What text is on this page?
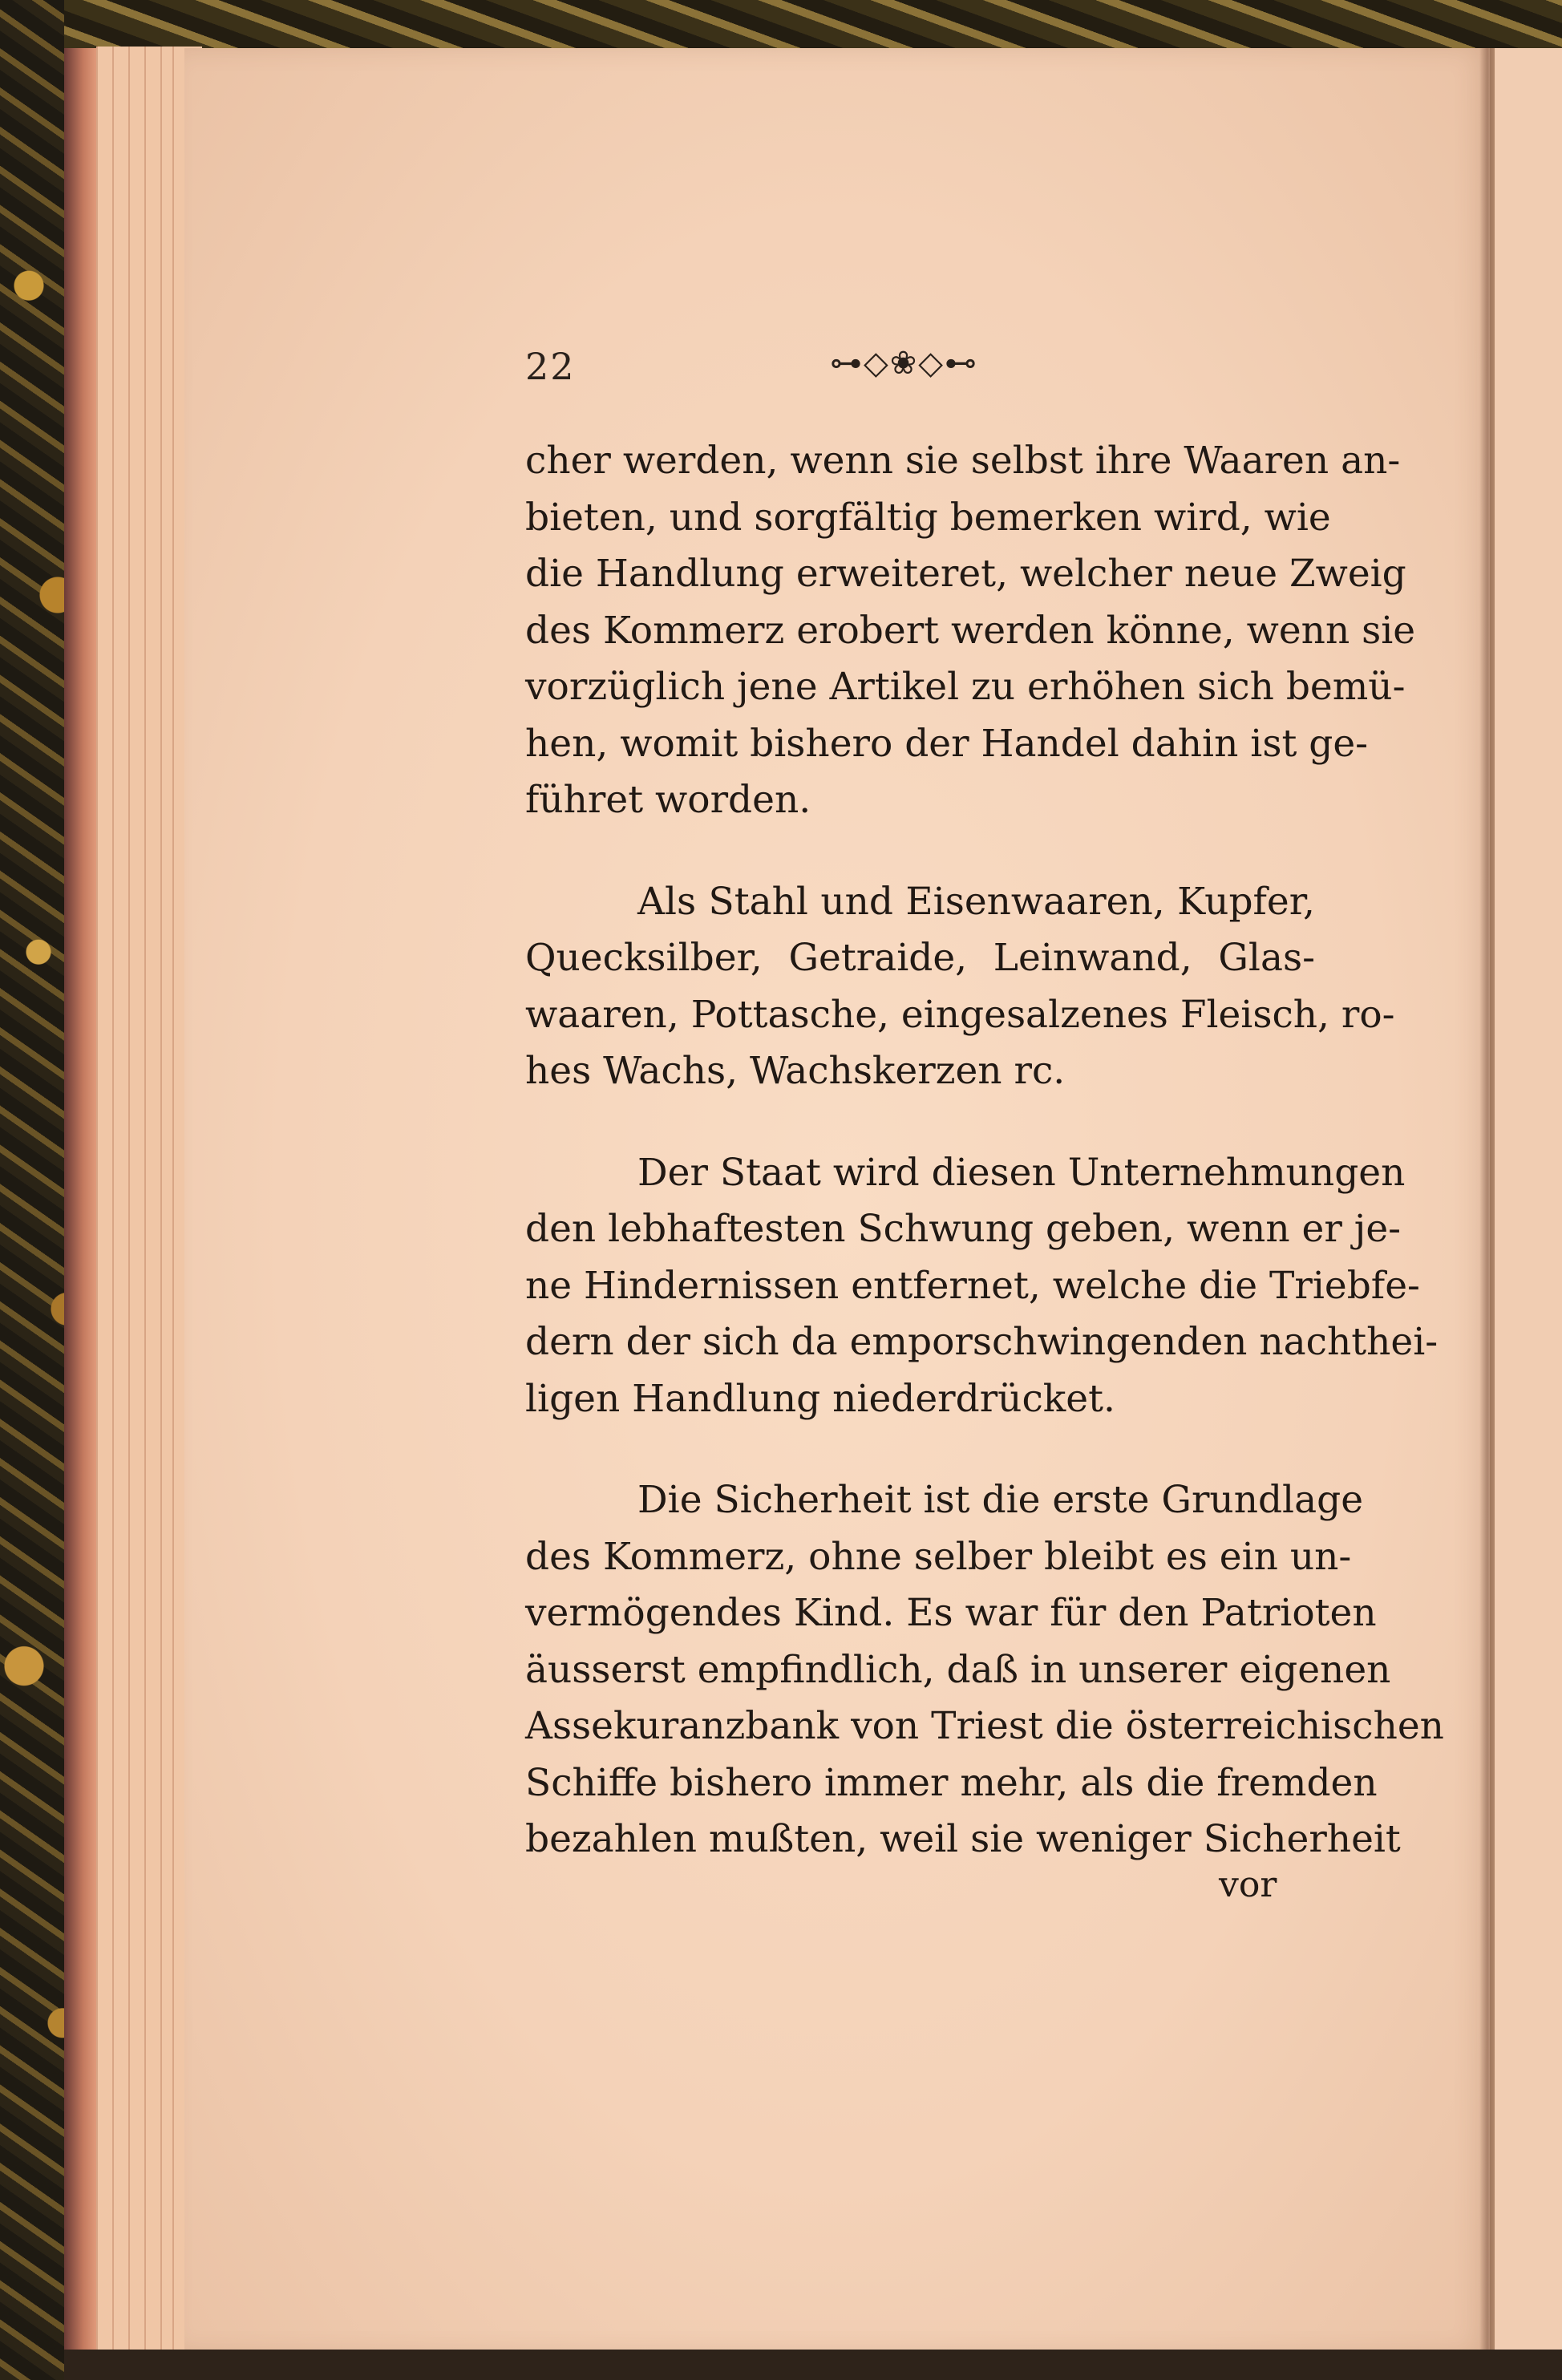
22	⊶◇❀◇⊷
cher werden, wenn sie selbst ihre Waaren an-
bieten, und sorgfältig bemerken wird, wie
die Handlung erweiteret, welcher neue Zweig
des Kommerz erobert werden könne, wenn sie
vorzüglich jene Artikel zu erhöhen sich bemü-
hen, womit bishero der Handel dahin ist ge-
führet worden.
Als Stahl und Eisenwaaren, Kupfer,
Quecksilber, Getraide, Leinwand, Glas-
waaren, Pottasche, eingesalzenes Fleisch, ro-
hes Wachs, Wachskerzen rc.
Der Staat wird diesen Unternehmungen
den lebhaftesten Schwung geben, wenn er je-
ne Hindernissen entfernet, welche die Triebfe-
dern der sich da emporschwingenden nachthei-
ligen Handlung niederdrücket.
Die Sicherheit ist die erste Grundlage
des Kommerz, ohne selber bleibt es ein un-
vermögendes Kind. Es war für den Patrioten
äusserst empfindlich, daß in unserer eigenen
Assekuranzbank von Triest die österreichischen
Schiffe bishero immer mehr, als die fremden
bezahlen mußten, weil sie weniger Sicherheit
vor
